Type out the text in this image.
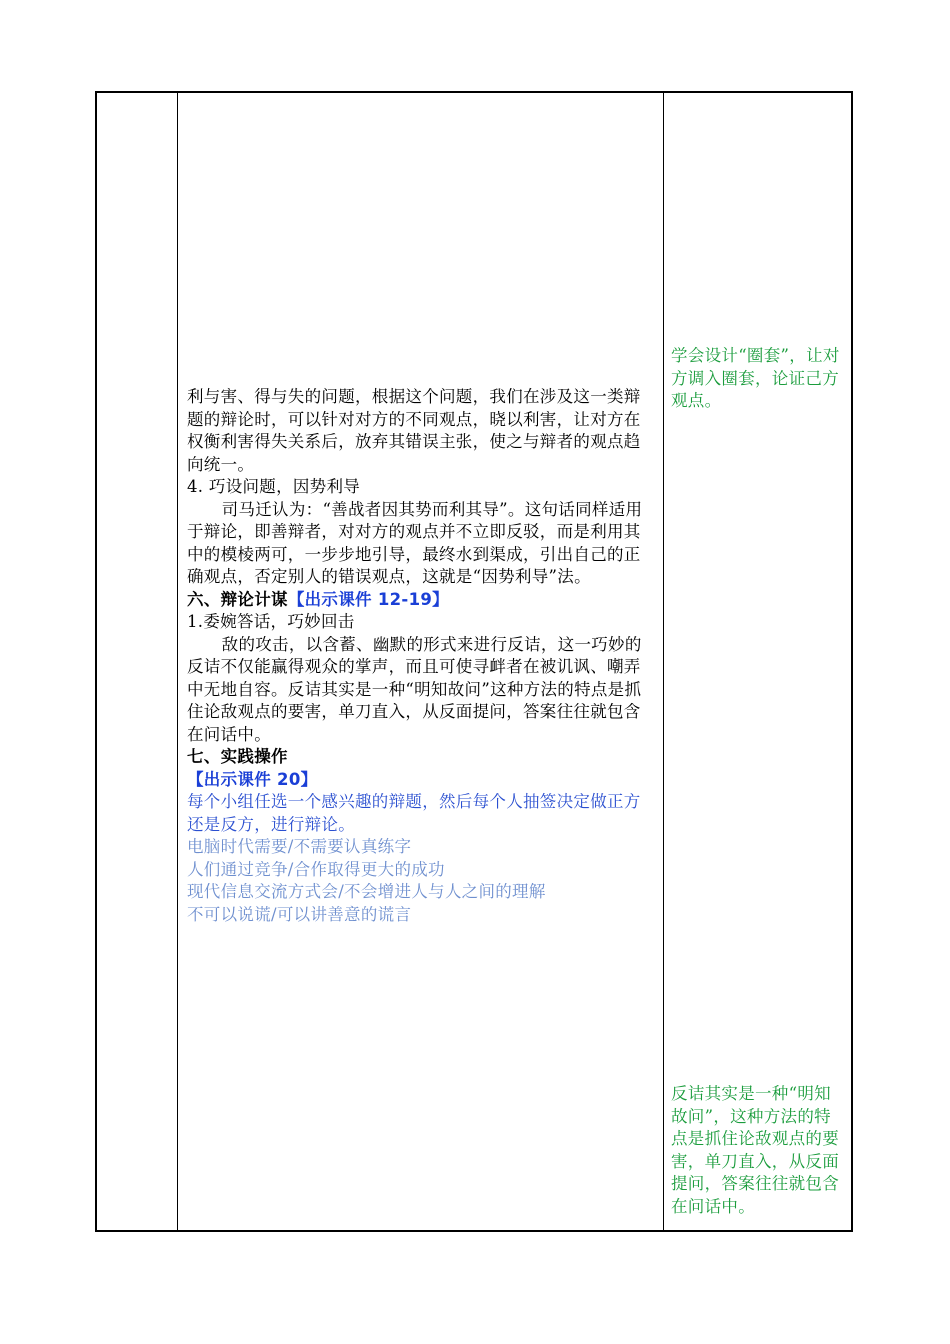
利与害、得与失的问题，根据这个问题，我们在涉及这一类辩题的辩论时，可以针对对方的不同观点，晓以利害，让对方在权衡利害得失关系后，放弃其错误主张，使之与辩者的观点趋向统一。

4. 巧设问题，因势利导

司马迁认为：“善战者因其势而利其导”。这句话同样适用于辩论，即善辩者，对对方的观点并不立即反驳，而是利用其中的模棱两可，一步步地引导，最终水到渠成，引出自己的正确观点，否定别人的错误观点，这就是“因势利导”法。

六、辩论计谋【出示课件 12-19】

1.委婉答话，巧妙回击

敌的攻击，以含蓄、幽默的形式来进行反诘，这一巧妙的反诘不仅能赢得观众的掌声，而且可使寻衅者在被讥讽、嘲弄中无地自容。反诘其实是一种“明知故问”这种方法的特点是抓住论敌观点的要害，单刀直入，从反面提问，答案往往就包含在问话中。

七、实践操作

【出示课件 20】

每个小组任选一个感兴趣的辩题，然后每个人抽签决定做正方还是反方，进行辩论。

电脑时代需要/不需要认真练字

人们通过竞争/合作取得更大的成功

现代信息交流方式会/不会增进人与人之间的理解

不可以说谎/可以讲善意的谎言

学会设计“圈套”，让对方调入圈套，论证己方观点。
反诘其实是一种“明知故问”，这种方法的特点是抓住论敌观点的要害，单刀直入，从反面提问，答案往往就包含在问话中。
